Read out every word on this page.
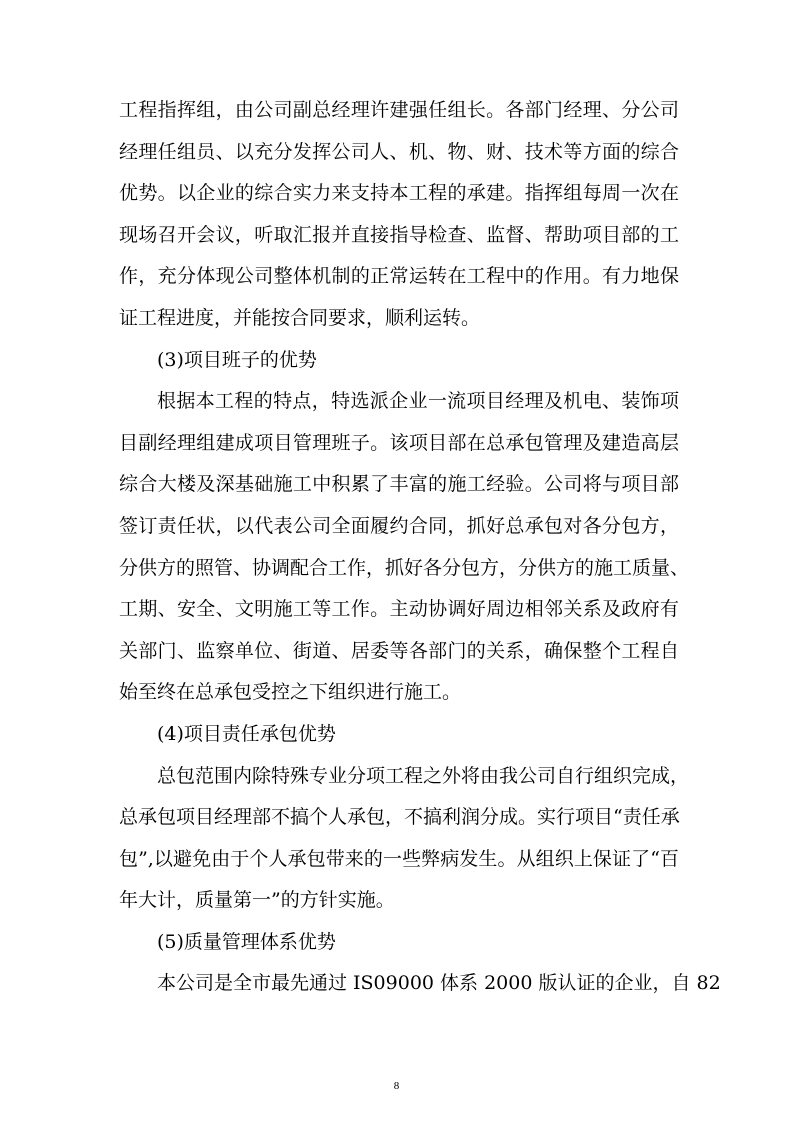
工程指挥组，由公司副总经理许建强任组长。各部门经理、分公司
经理任组员、以充分发挥公司人、机、物、财、技术等方面的综合
优势。以企业的综合实力来支持本工程的承建。指挥组每周一次在
现场召开会议，听取汇报并直接指导检查、监督、帮助项目部的工
作，充分体现公司整体机制的正常运转在工程中的作用。有力地保
证工程进度，并能按合同要求，顺利运转。
(3)项目班子的优势
根据本工程的特点，特选派企业一流项目经理及机电、装饰项
目副经理组建成项目管理班子。该项目部在总承包管理及建造高层
综合大楼及深基础施工中积累了丰富的施工经验。公司将与项目部
签订责任状，以代表公司全面履约合同，抓好总承包对各分包方，
分供方的照管、协调配合工作，抓好各分包方，分供方的施工质量、
工期、安全、文明施工等工作。主动协调好周边相邻关系及政府有
关部门、监察单位、街道、居委等各部门的关系，确保整个工程自
始至终在总承包受控之下组织进行施工。
(4)项目责任承包优势
总包范围内除特殊专业分项工程之外将由我公司自行组织完成，
总承包项目经理部不搞个人承包，不搞利润分成。实行项目“责任承
包”,以避免由于个人承包带来的一些弊病发生。从组织上保证了“百
年大计，质量第一”的方针实施。
(5)质量管理体系优势
本公司是全市最先通过 IS09000 体系 2000 版认证的企业，自 82
8
